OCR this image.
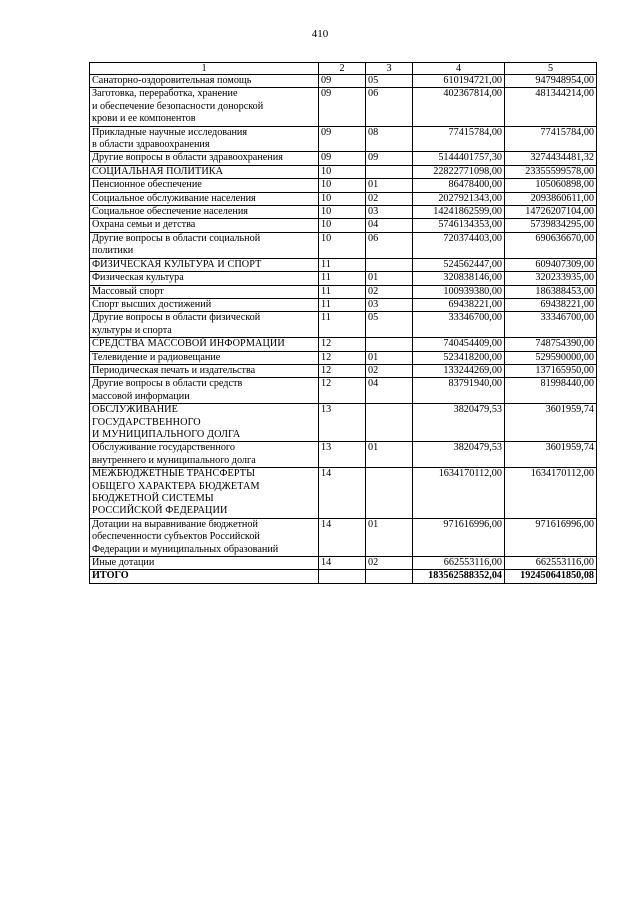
410
1	2	3	4	5
Санаторно-оздоровительная помощь	09	05	610194721,00	947948954,00
Заготовка, переработка, хранение
и обеспечение безопасности донорской
крови и ее компонентов	09	06	402367814,00	481344214,00
Прикладные научные исследования
в области здравоохранения	09	08	77415784,00	77415784,00
Другие вопросы в области здравоохранения	09	09	5144401757,30	3274434481,32
СОЦИАЛЬНАЯ ПОЛИТИКА	10		22822771098,00	23355599578,00
Пенсионное обеспечение	10	01	86478400,00	105060898,00
Социальное обслуживание населения	10	02	2027921343,00	2093860611,00
Социальное обеспечение населения	10	03	14241862599,00	14726207104,00
Охрана семьи и детства	10	04	5746134353,00	5739834295,00
Другие вопросы в области социальной
политики	10	06	720374403,00	690636670,00
ФИЗИЧЕСКАЯ КУЛЬТУРА И СПОРТ	11		524562447,00	609407309,00
Физическая культура	11	01	320838146,00	320233935,00
Массовый спорт	11	02	100939380,00	186388453,00
Спорт высших достижений	11	03	69438221,00	69438221,00
Другие вопросы в области физической
культуры и спорта	11	05	33346700,00	33346700,00
СРЕДСТВА МАССОВОЙ ИНФОРМАЦИИ	12		740454409,00	748754390,00
Телевидение и радиовещание	12	01	523418200,00	529590000,00
Периодическая печать и издательства	12	02	133244269,00	137165950,00
Другие вопросы в области средств
массовой информации	12	04	83791940,00	81998440,00
ОБСЛУЖИВАНИЕ
ГОСУДАРСТВЕННОГО
И МУНИЦИПАЛЬНОГО ДОЛГА	13		3820479,53	3601959,74
Обслуживание государственного
внутреннего и муниципального долга	13	01	3820479,53	3601959,74
МЕЖБЮДЖЕТНЫЕ ТРАНСФЕРТЫ
ОБЩЕГО ХАРАКТЕРА БЮДЖЕТАМ
БЮДЖЕТНОЙ СИСТЕМЫ
РОССИЙСКОЙ ФЕДЕРАЦИИ	14		1634170112,00	1634170112,00
Дотации на выравнивание бюджетной
обеспеченности субъектов Российской
Федерации и муниципальных образований	14	01	971616996,00	971616996,00
Иные дотации	14	02	662553116,00	662553116,00
ИТОГО			183562588352,04	192450641850,08
